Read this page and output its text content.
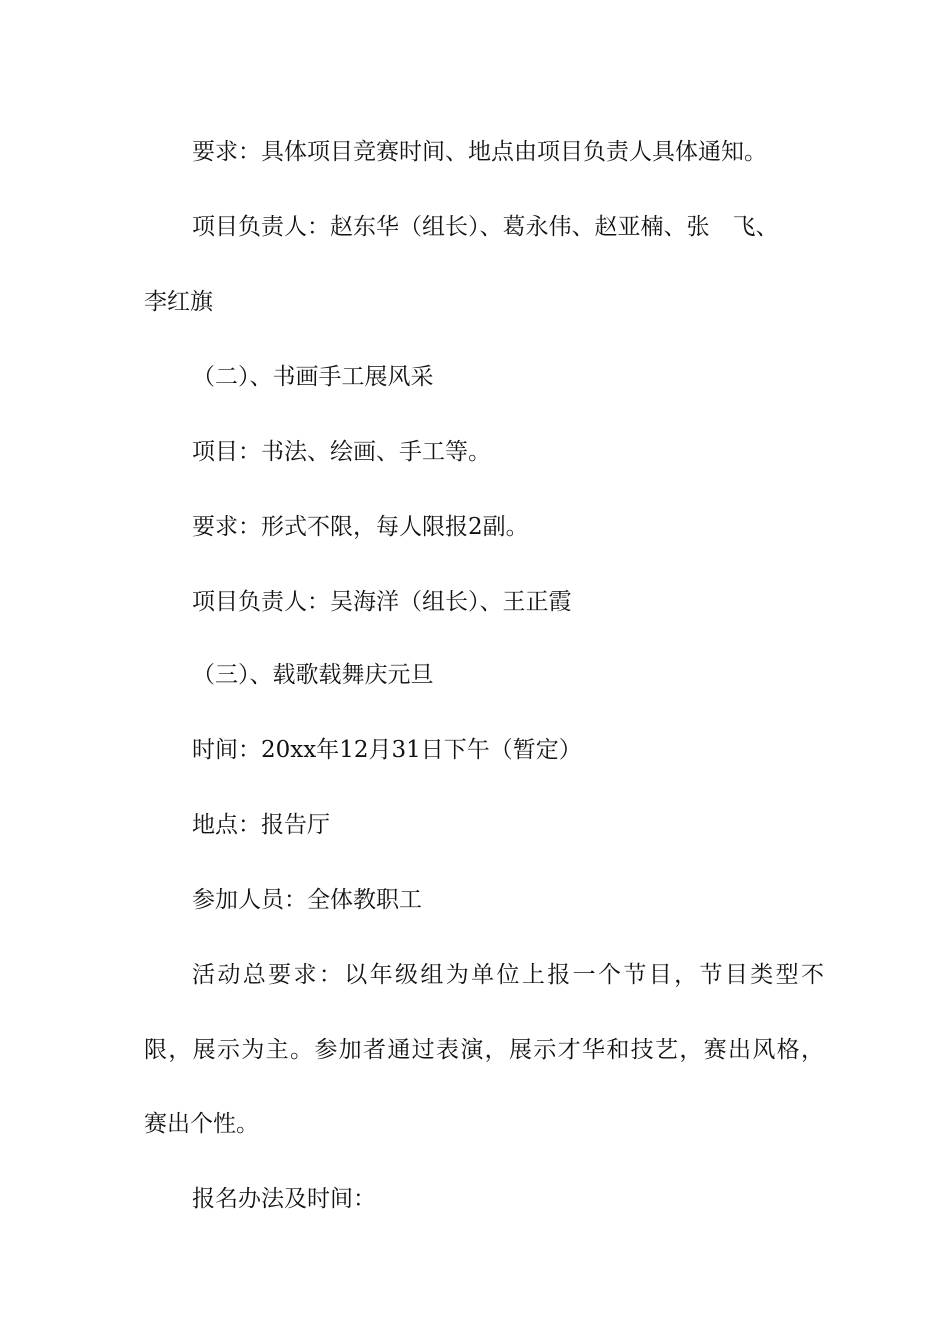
要求：具体项目竞赛时间、地点由项目负责人具体通知。
项目负责人：赵东华（组长）、葛永伟、赵亚楠、张　飞、
李红旗
（二）、书画手工展风采
项目：书法、绘画、手工等。
要求：形式不限，每人限报2副。
项目负责人：吴海洋（组长）、王正霞
（三）、载歌载舞庆元旦
时间：20xx年12月31日下午（暂定）
地点：报告厅
参加人员：全体教职工
活动总要求：以年级组为单位上报一个节目，节目类型不
限，展示为主。参加者通过表演，展示才华和技艺，赛出风格，
赛出个性。
报名办法及时间：
